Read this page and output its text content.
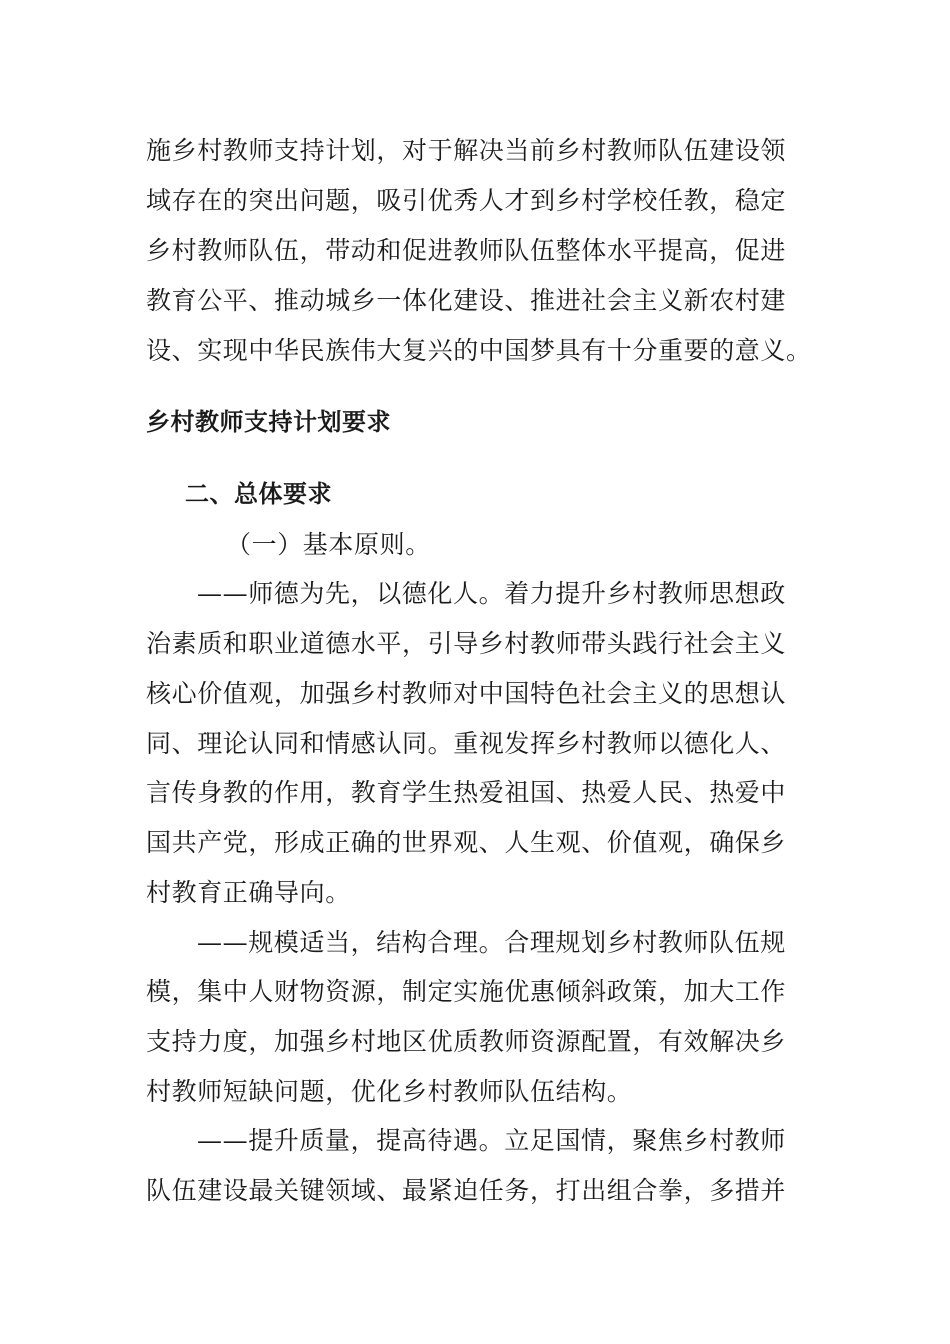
施乡村教师支持计划，对于解决当前乡村教师队伍建设领
域存在的突出问题，吸引优秀人才到乡村学校任教，稳定
乡村教师队伍，带动和促进教师队伍整体水平提高，促进
教育公平、推动城乡一体化建设、推进社会主义新农村建
设、实现中华民族伟大复兴的中国梦具有十分重要的意义。
乡村教师支持计划要求
二、总体要求
（一）基本原则。
——师德为先，以德化人。着力提升乡村教师思想政
治素质和职业道德水平，引导乡村教师带头践行社会主义
核心价值观，加强乡村教师对中国特色社会主义的思想认
同、理论认同和情感认同。重视发挥乡村教师以德化人、
言传身教的作用，教育学生热爱祖国、热爱人民、热爱中
国共产党，形成正确的世界观、人生观、价值观，确保乡
村教育正确导向。
——规模适当，结构合理。合理规划乡村教师队伍规
模，集中人财物资源，制定实施优惠倾斜政策，加大工作
支持力度，加强乡村地区优质教师资源配置，有效解决乡
村教师短缺问题，优化乡村教师队伍结构。
——提升质量，提高待遇。立足国情，聚焦乡村教师
队伍建设最关键领域、最紧迫任务，打出组合拳，多措并
